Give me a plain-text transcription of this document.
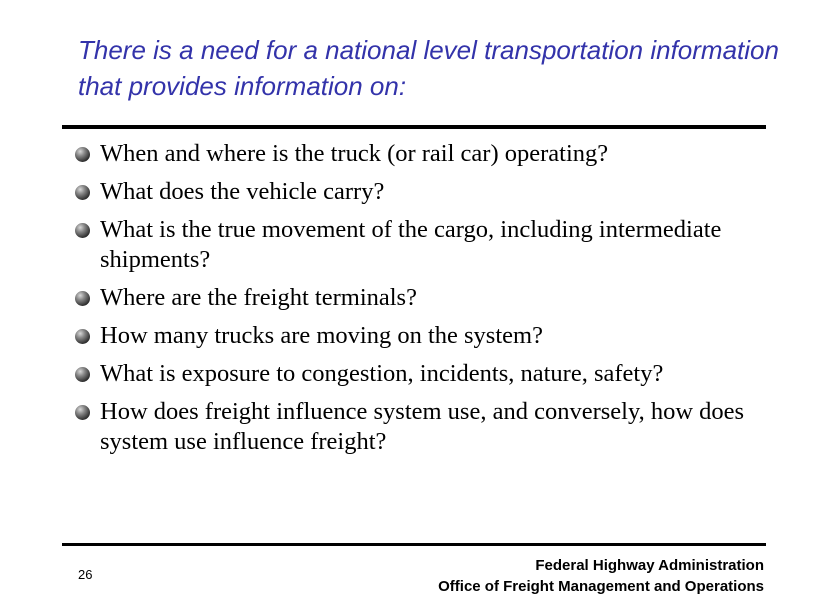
There is a need for a national level transportation information that provides information on:
When and where is the truck (or rail car) operating?
What does the vehicle carry?
What is the true movement of the cargo, including intermediate shipments?
Where are the freight terminals?
How many trucks are moving on the system?
What is exposure to congestion, incidents, nature, safety?
How does freight influence system use, and conversely, how does system use influence freight?
26
Federal Highway Administration
Office of Freight Management and Operations
